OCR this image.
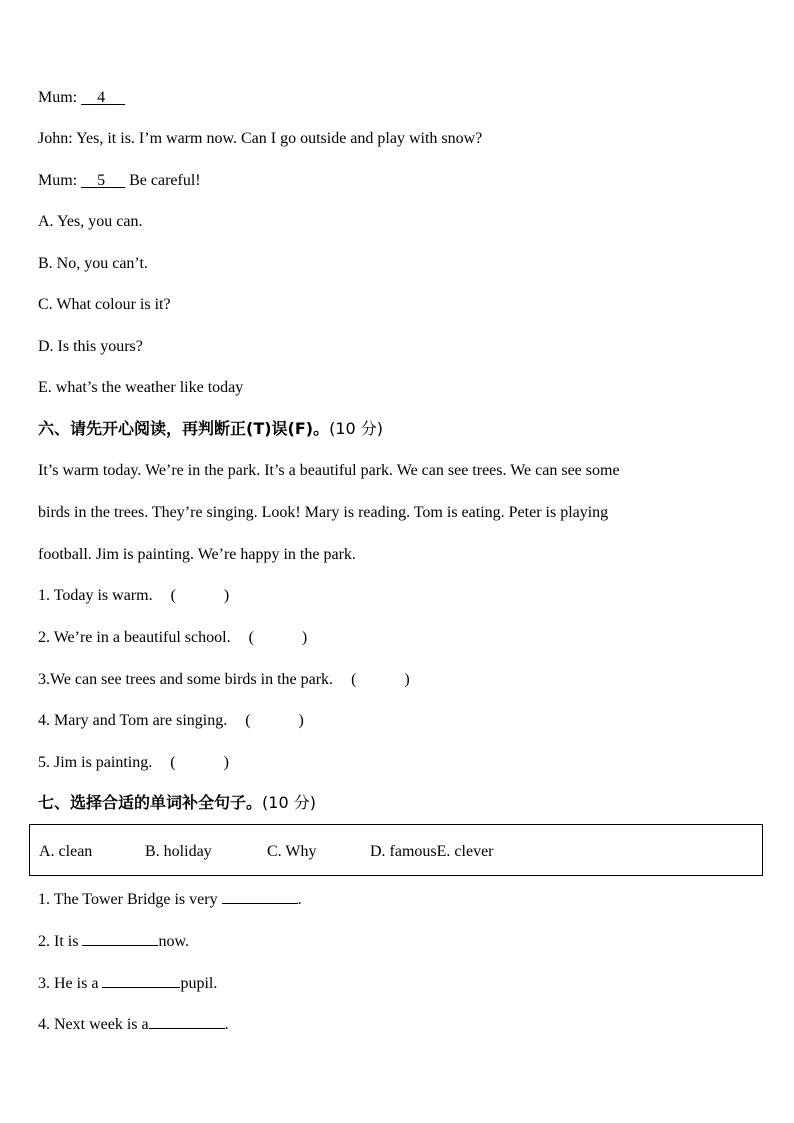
Mum: 4
John: Yes, it is. I’m warm now. Can I go outside and play with snow?
Mum: 5      Be careful!
A. Yes, you can.
B. No, you can’t.
C. What colour is it?
D. Is this yours?
E. what’s the weather like today
六、请先开心阅读，再判断正(T)误(F)。(10 分)
It’s warm today. We’re in the park. It’s a beautiful park. We can see trees. We can see some
birds in the trees. They’re singing. Look! Mary is reading. Tom is eating. Peter is playing
football. Jim is painting. We’re happy in the park.
1. Today is warm. (	)
2. We’re in a beautiful school. (	)
3.We can see trees and some birds in the park. (	)
4. Mary and Tom are singing. (	)
5. Jim is painting. (	)
七、选择合适的单词补全句子。(10 分)
A. clean	B. holiday	C. Why	D. famousE. clever
1. The Tower Bridge is very	.
2. It is	now.
3. He is a	pupil.
4. Next week is a	.
